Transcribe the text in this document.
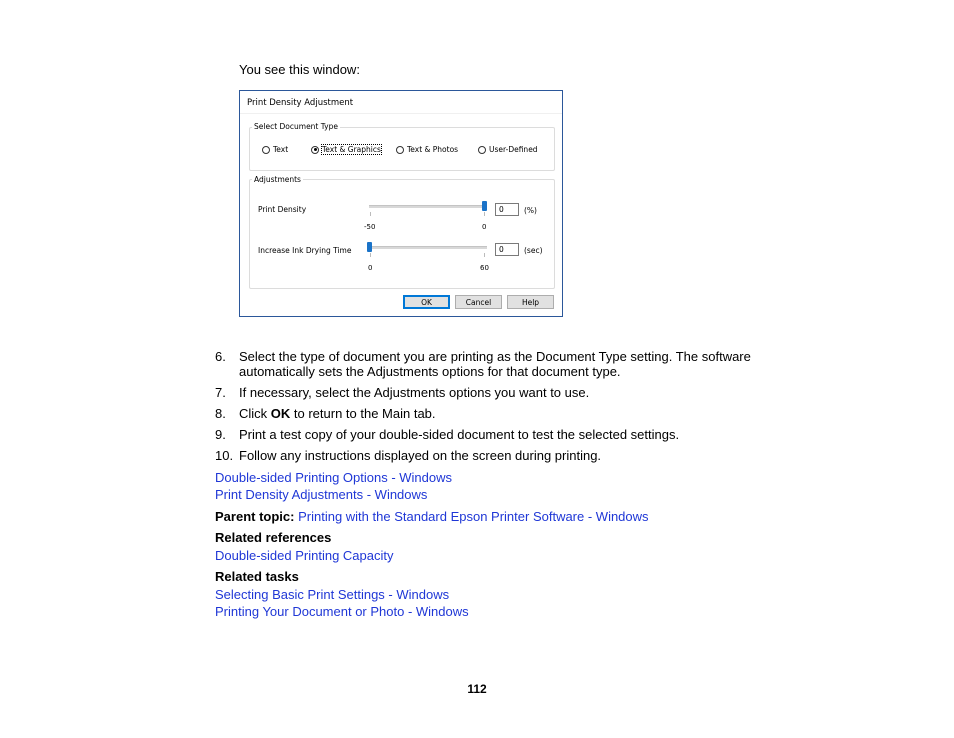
You see this window:
Print Density Adjustment
Select Document Type
Text	Text & Graphics	Text & Photos	User-Defined
Adjustments
Print Density
-50	0
0	(%)
Increase Ink Drying Time
0	60
0	(sec)
OK	Cancel	Help
6. Select the type of document you are printing as the Document Type setting. The software automatically sets the Adjustments options for that document type.
7. If necessary, select the Adjustments options you want to use.
8. Click OK to return to the Main tab.
9. Print a test copy of your double-sided document to test the selected settings.
10. Follow any instructions displayed on the screen during printing.
Double-sided Printing Options - Windows
Print Density Adjustments - Windows
Parent topic: Printing with the Standard Epson Printer Software - Windows
Related references
Double-sided Printing Capacity
Related tasks
Selecting Basic Print Settings - Windows
Printing Your Document or Photo - Windows
112
